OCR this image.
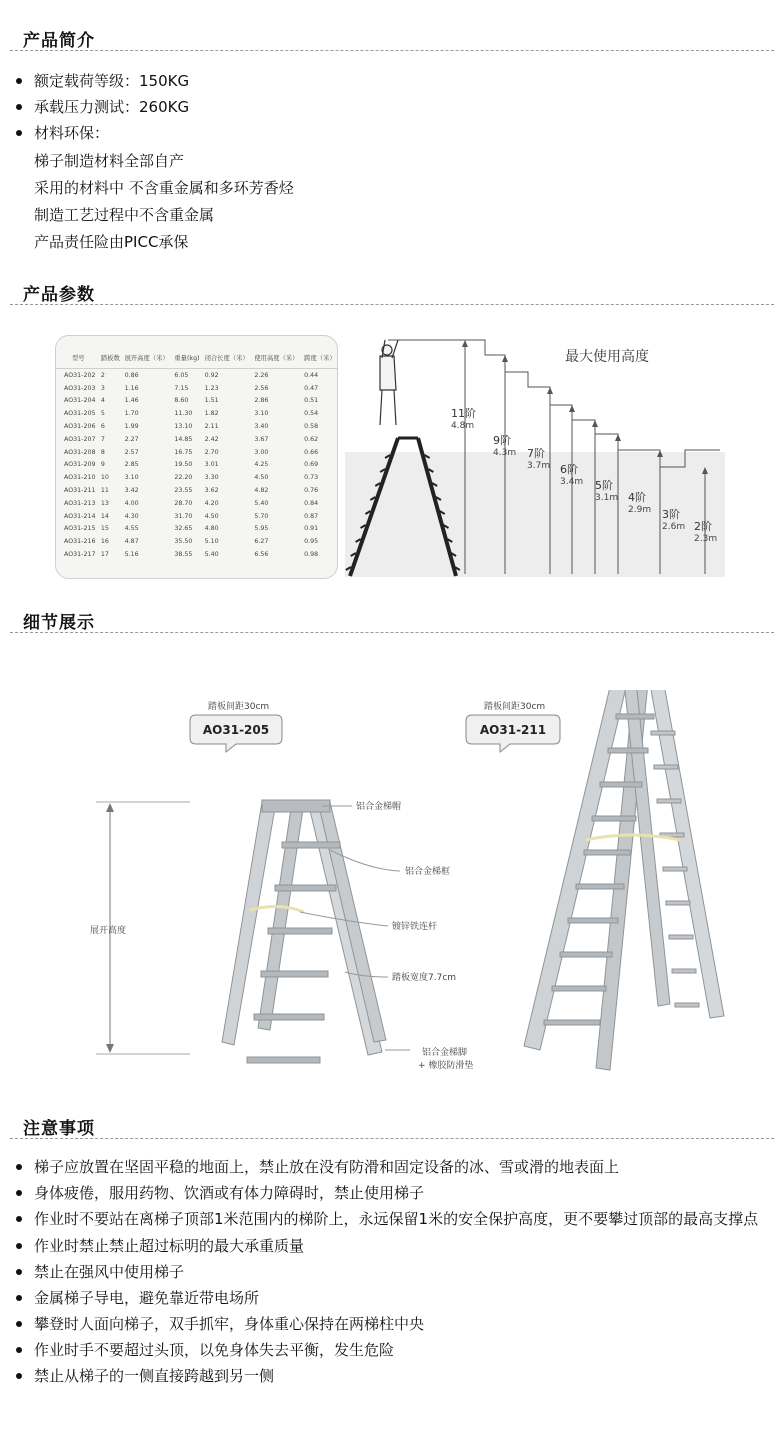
产品简介
额定载荷等级：150KG
承载压力测试：260KG
材料环保：
梯子制造材料全部自产
采用的材料中 不含重金属和多环芳香烃
制造工艺过程中不含重金属
产品责任险由PICC承保
产品参数
型号	踏板数	展开高度（米）	重量(kg)	闭合长度（米）	使用高度（米）	跨度（米）

AO31-202	2	0.86	6.05	0.92	2.26	0.44
AO31-203	3	1.16	7.15	1.23	2.56	0.47
AO31-204	4	1.46	8.60	1.51	2.86	0.51
AO31-205	5	1.70	11.30	1.82	3.10	0.54
AO31-206	6	1.99	13.10	2.11	3.40	0.58
AO31-207	7	2.27	14.85	2.42	3.67	0.62
AO31-208	8	2.57	16.75	2.70	3.00	0.66
AO31-209	9	2.85	19.50	3.01	4.25	0.69
AO31-210	10	3.10	22.20	3.30	4.50	0.73
AO31-211	11	3.42	23.55	3.62	4.82	0.76
AO31-213	13	4.00	28.70	4.20	5.40	0.84
AO31-214	14	4.30	31.70	4.50	5.70	0.87
AO31-215	15	4.55	32.65	4.80	5.95	0.91
AO31-216	16	4.87	35.50	5.10	6.27	0.95
AO31-217	17	5.16	38.55	5.40	6.56	0.98
最大使用高度
11阶
4.8m
9阶
4.3m 7阶
3.7m 6阶
3.4m 5阶
3.1m 4阶
2.9m 3阶
2.6m 2阶
2.3m
细节展示
踏板间距30cm
AO31-205
踏板间距30cm
AO31-211
展开高度
铝合金梯帽
铝合金梯框
镀锌铁连杆
踏板宽度7.7cm
铝合金梯脚
+ 橡胶防滑垫
注意事项
梯子应放置在坚固平稳的地面上，禁止放在没有防滑和固定设备的冰、雪或滑的地表面上
身体疲倦，服用药物、饮酒或有体力障碍时，禁止使用梯子
作业时不要站在离梯子顶部1米范围内的梯阶上，永远保留1米的安全保护高度，更不要攀过顶部的最高支撑点
作业时禁止禁止超过标明的最大承重质量
禁止在强风中使用梯子
金属梯子导电，避免靠近带电场所
攀登时人面向梯子，双手抓牢，身体重心保持在两梯柱中央
作业时手不要超过头顶，以免身体失去平衡，发生危险
禁止从梯子的一侧直接跨越到另一侧
